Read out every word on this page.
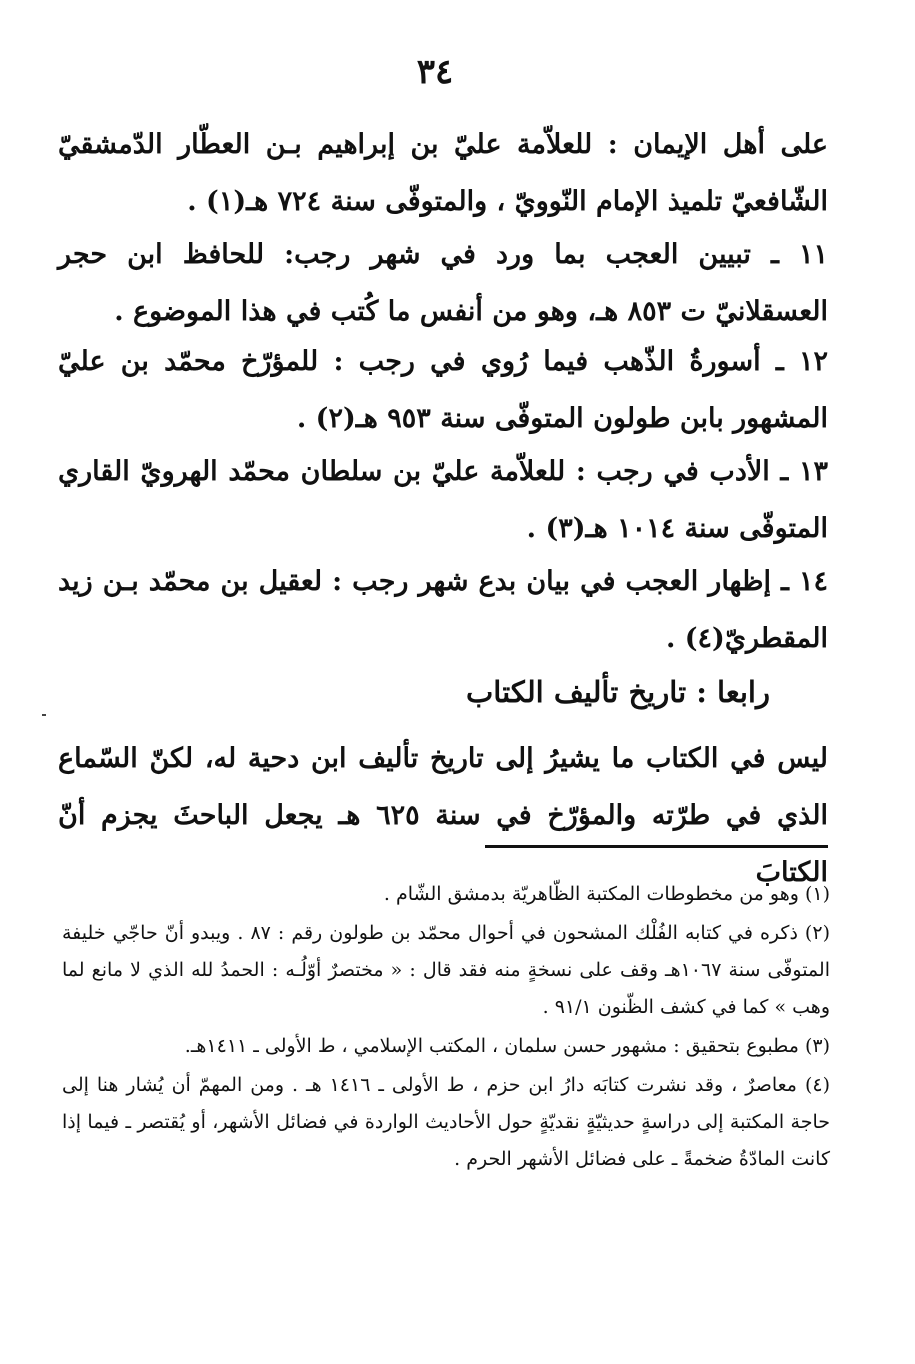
٣٤
على أهل الإيمان : للعلاّمة عليّ بن إبراهيم بـن العطّار الدّمشقيّ الشّافعيّ تلميذ الإمام النّوويّ ، والمتوفّى سنة ٧٢٤ هـ(١) .
١١ ـ تبيين العجب بما ورد في شهر رجب: للحافظ ابن حجر العسقلانيّ ت ٨٥٣ هـ، وهو من أنفس ما كُتب في هذا الموضوع .
١٢ ـ أسورةُ الذّهب فيما رُوي في رجب : للمؤرّخ محمّد بن عليّ المشهور بابن طولون المتوفّى سنة ٩٥٣ هـ(٢) .
١٣ ـ الأدب في رجب : للعلاّمة عليّ بن سلطان محمّد الهرويّ القاري المتوفّى سنة ١٠١٤ هـ(٣) .
١٤ ـ إظهار العجب في بيان بدع شهر رجب : لعقيل بن محمّد بـن زيد المقطريّ(٤) .
رابعا : تاريخ تأليف الكتاب
ليس في الكتاب ما يشيرُ إلى تاريخ تأليف ابن دحية له، لكنّ السّماع الذي في طرّته والمؤرّخ في سنة ٦٢٥ هـ يجعل الباحثَ يجزم أنّ الكتابَ

(١) وهو من مخطوطات المكتبة الظّاهريّة بدمشق الشّام .

(٢) ذكره في كتابه الفُلْك المشحون في أحوال محمّد بن طولون رقم : ٨٧ . ويبدو أنّ حاجّي خليفة المتوفّى سنة ١٠٦٧هـ وقف على نسخةٍ منه فقد قال : « مختصرٌ أوّلُـه : الحمدُ لله الذي لا مانع لما وهب » كما في كشف الظّنون ٩١/١ .

(٣) مطبوع بتحقيق : مشهور حسن سلمان ، المكتب الإسلامي ، ط الأولى ـ ١٤١١هـ.

(٤) معاصرٌ ، وقد نشرت كتابَه دارُ ابن حزم ، ط الأولى ـ ١٤١٦ هـ . ومن المهمّ أن يُشار هنا إلى حاجة المكتبة إلى دراسةٍ حديثيّةٍ نقديّةٍ حول الأحاديث الواردة في فضائل الأشهر، أو يُقتصر ـ فيما إذا كانت المادّةُ ضخمةً ـ على فضائل الأشهر الحرم .
